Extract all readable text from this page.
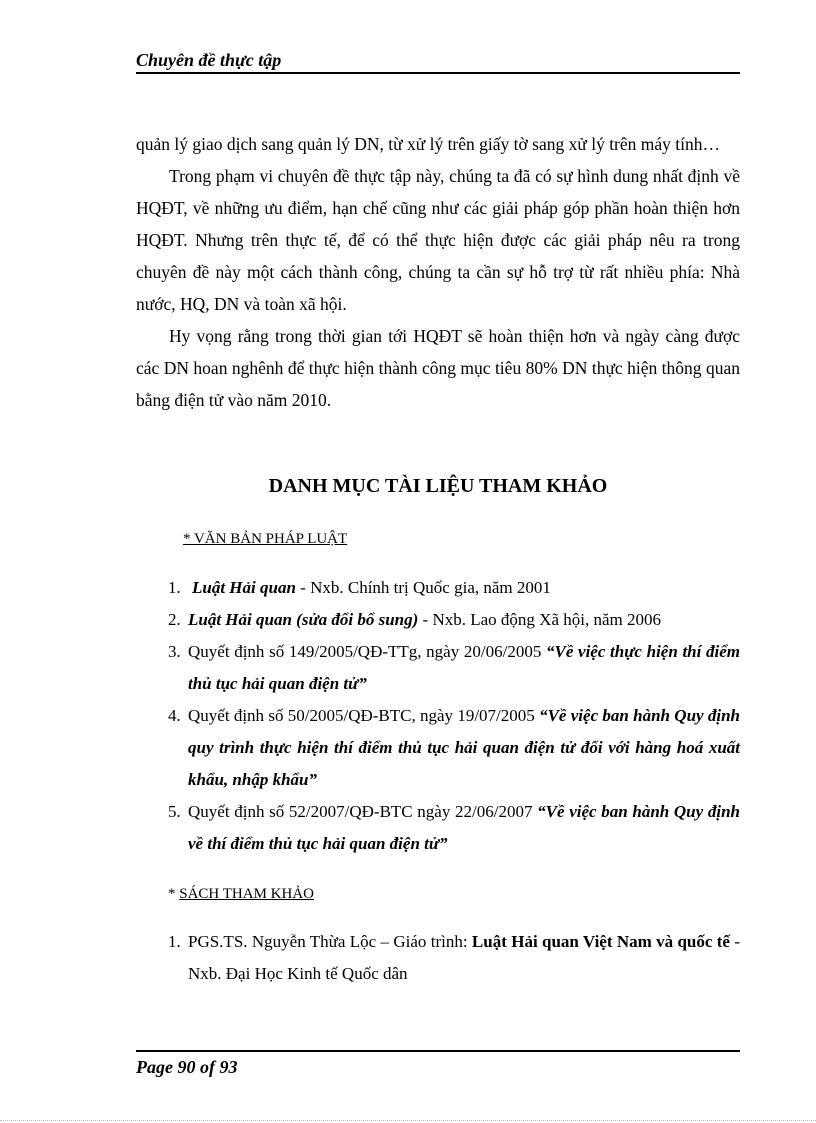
Chuyên đề thực tập

quản lý giao dịch sang quản lý DN, từ xử lý trên giấy tờ sang xử lý trên máy tính…
Trong phạm vi chuyên đề thực tập này, chúng ta đã có sự hình dung nhất định về HQĐT, về những ưu điểm, hạn chế cũng như các giải pháp góp phần hoàn thiện hơn HQĐT. Nhưng trên thực tế, để có thể thực hiện được các giải pháp nêu ra trong chuyên đề này một cách thành công, chúng ta cần sự hỗ trợ từ rất nhiều phía: Nhà nước, HQ, DN và toàn xã hội.
Hy vọng rằng trong thời gian tới HQĐT sẽ hoàn thiện hơn và ngày càng được các DN hoan nghênh để thực hiện thành công mục tiêu 80% DN thực hiện thông quan bằng điện tử vào năm 2010.

DANH MỤC TÀI LIỆU THAM KHẢO
* VĂN BẢN PHÁP LUẬT
1. Luật Hải quan - Nxb. Chính trị Quốc gia, năm 2001
2. Luật Hải quan (sửa đổi bổ sung) - Nxb. Lao động Xã hội, năm 2006
3. Quyết định số 149/2005/QĐ-TTg, ngày 20/06/2005 “Về việc thực hiện thí điểm thủ tục hải quan điện tử”
4. Quyết định số 50/2005/QĐ-BTC, ngày 19/07/2005 “Về việc ban hành Quy định quy trình thực hiện thí điểm thủ tục hải quan điện tử đối với hàng hoá xuất khẩu, nhập khẩu”
5. Quyết định số 52/2007/QĐ-BTC ngày 22/06/2007 “Về việc ban hành Quy định về thí điểm thủ tục hải quan điện tử”
* SÁCH THAM KHẢO
1. PGS.TS. Nguyễn Thừa Lộc – Giáo trình: Luật Hải quan Việt Nam và quốc tế - Nxb. Đại Học Kinh tế Quốc dân
Page 90 of 93
